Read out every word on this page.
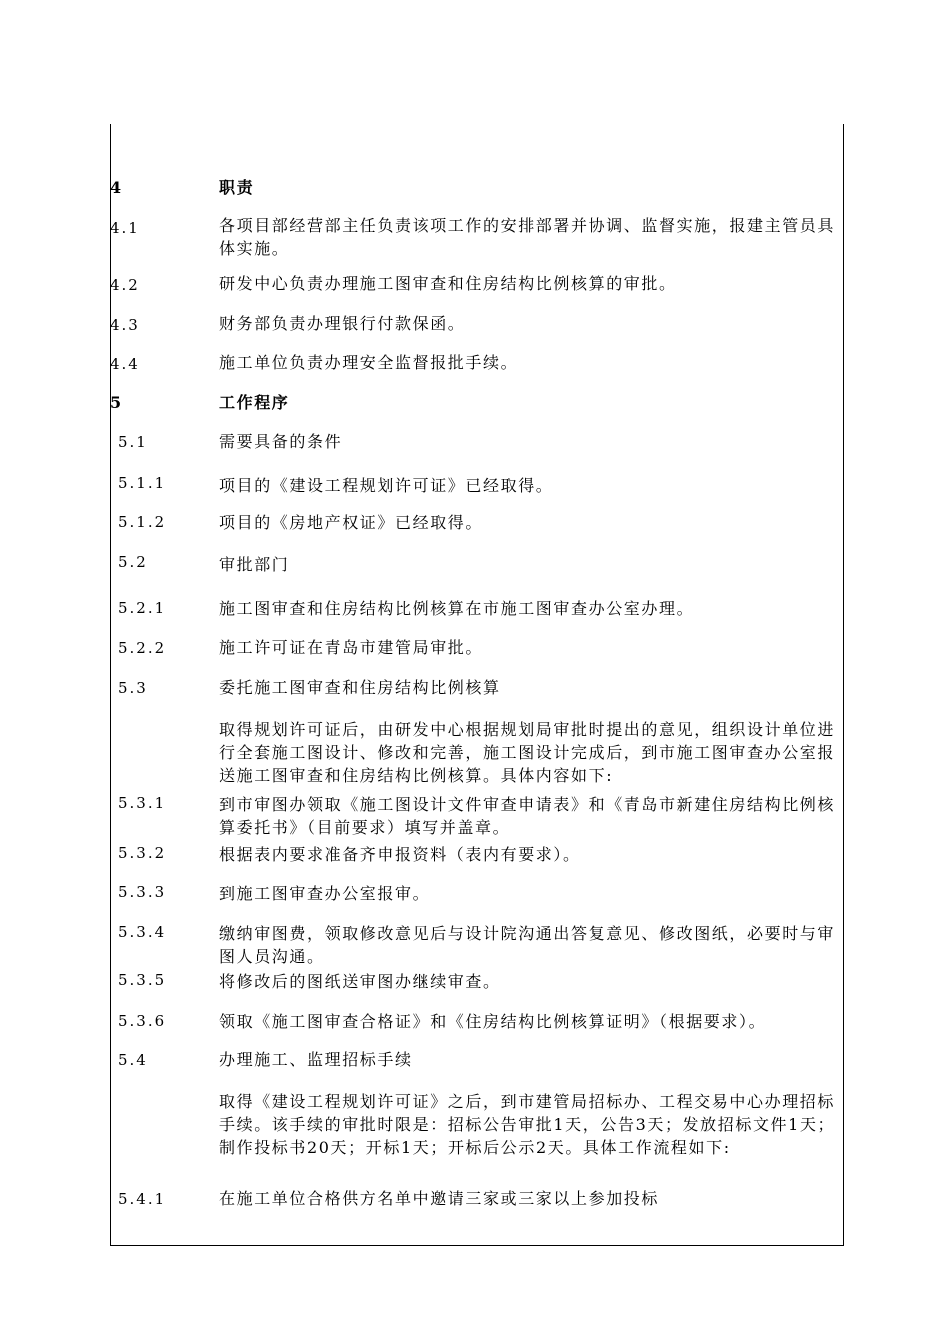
4	职责
4.1	各项目部经营部主任负责该项工作的安排部署并协调、监督实施，报建主管员具体实施。
4.2	研发中心负责办理施工图审查和住房结构比例核算的审批。
4.3	财务部负责办理银行付款保函。
4.4	施工单位负责办理安全监督报批手续。
5	工作程序
5.1	需要具备的条件
5.1.1	项目的《建设工程规划许可证》已经取得。
5.1.2	项目的《房地产权证》已经取得。
5.2	审批部门
5.2.1	施工图审查和住房结构比例核算在市施工图审查办公室办理。
5.2.2	施工许可证在青岛市建管局审批。
5.3	委托施工图审查和住房结构比例核算
取得规划许可证后，由研发中心根据规划局审批时提出的意见，组织设计单位进行全套施工图设计、修改和完善，施工图设计完成后，到市施工图审查办公室报送施工图审查和住房结构比例核算。具体内容如下:
5.3.1	到市审图办领取《施工图设计文件审查申请表》和《青岛市新建住房结构比例核算委托书》（目前要求）填写并盖章。
5.3.2	根据表内要求准备齐申报资料（表内有要求）。
5.3.3	到施工图审查办公室报审。
5.3.4	缴纳审图费，领取修改意见后与设计院沟通出答复意见、修改图纸，必要时与审图人员沟通。
5.3.5	将修改后的图纸送审图办继续审查。
5.3.6	领取《施工图审查合格证》和《住房结构比例核算证明》（根据要求）。
5.4	办理施工、监理招标手续
取得《建设工程规划许可证》之后，到市建管局招标办、工程交易中心办理招标手续。该手续的审批时限是：招标公告审批1天，公告3天；发放招标文件1天；制作投标书20天；开标1天；开标后公示2天。具体工作流程如下:
5.4.1	在施工单位合格供方名单中邀请三家或三家以上参加投标
